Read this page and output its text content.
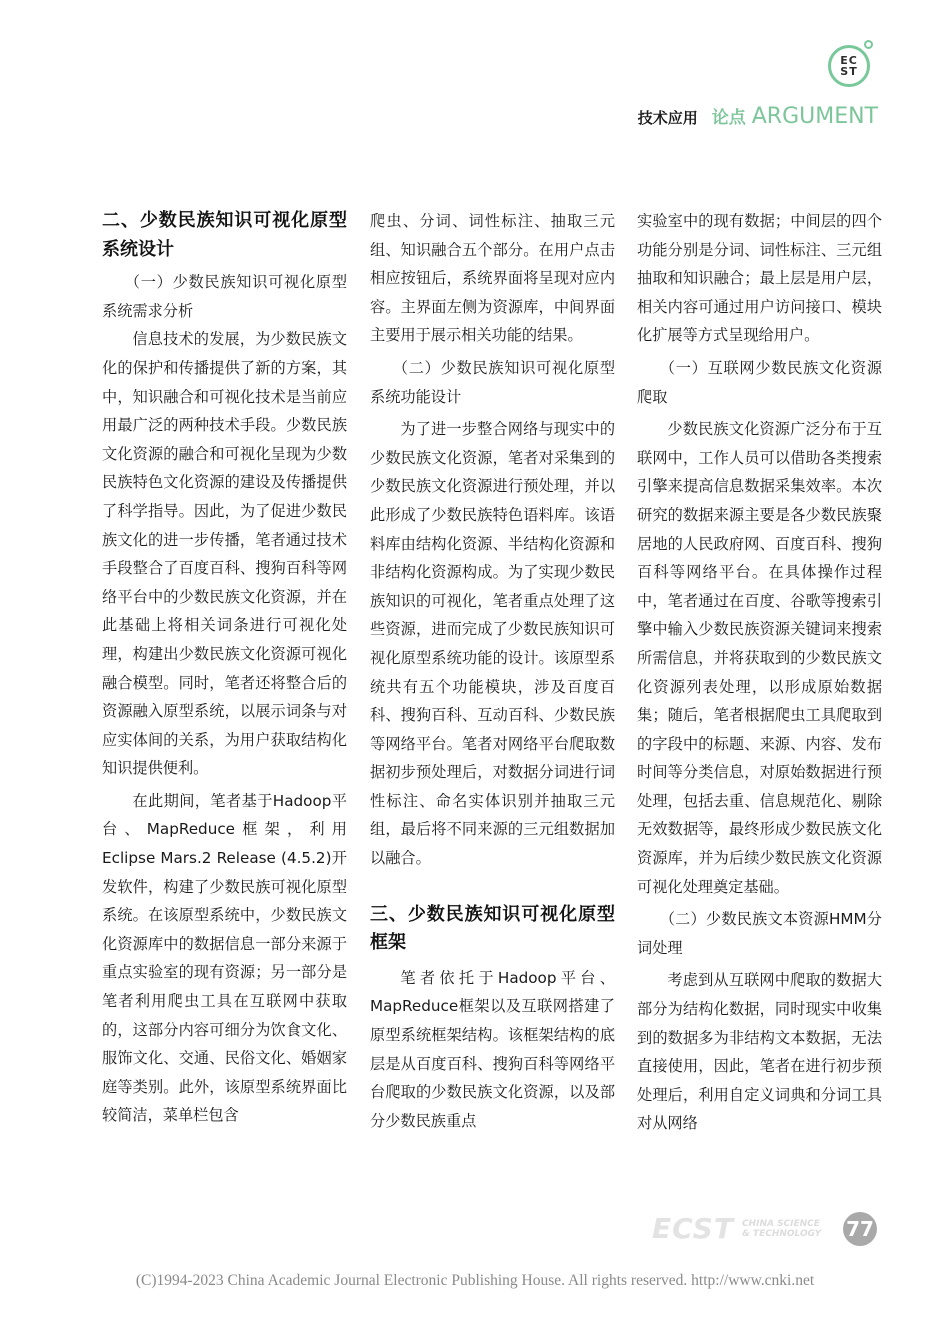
EC
ST
技术应用 论点 ARGUMENT
二、少数民族知识可视化原型系统设计

（一）少数民族知识可视化原型系统需求分析

信息技术的发展，为少数民族文化的保护和传播提供了新的方案，其中，知识融合和可视化技术是当前应用最广泛的两种技术手段。少数民族文化资源的融合和可视化呈现为少数民族特色文化资源的建设及传播提供了科学指导。因此，为了促进少数民族文化的进一步传播，笔者通过技术手段整合了百度百科、搜狗百科等网络平台中的少数民族文化资源，并在此基础上将相关词条进行可视化处理，构建出少数民族文化资源可视化融合模型。同时，笔者还将整合后的资源融入原型系统，以展示词条与对应实体间的关系，为用户获取结构化知识提供便利。

在此期间，笔者基于Hadoop平台、MapReduce框架，利用Eclipse Mars.2 Release (4.5.2)开发软件，构建了少数民族可视化原型系统。在该原型系统中，少数民族文化资源库中的数据信息一部分来源于重点实验室的现有资源；另一部分是笔者利用爬虫工具在互联网中获取的，这部分内容可细分为饮食文化、服饰文化、交通、民俗文化、婚姻家庭等类别。此外，该原型系统界面比较简洁，菜单栏包含

爬虫、分词、词性标注、抽取三元组、知识融合五个部分。在用户点击相应按钮后，系统界面将呈现对应内容。主界面左侧为资源库，中间界面主要用于展示相关功能的结果。

（二）少数民族知识可视化原型系统功能设计

为了进一步整合网络与现实中的少数民族文化资源，笔者对采集到的少数民族文化资源进行预处理，并以此形成了少数民族特色语料库。该语料库由结构化资源、半结构化资源和非结构化资源构成。为了实现少数民族知识的可视化，笔者重点处理了这些资源，进而完成了少数民族知识可视化原型系统功能的设计。该原型系统共有五个功能模块，涉及百度百科、搜狗百科、互动百科、少数民族等网络平台。笔者对网络平台爬取数据初步预处理后，对数据分词进行词性标注、命名实体识别并抽取三元组，最后将不同来源的三元组数据加以融合。

三、少数民族知识可视化原型框架

笔者依托于Hadoop平台、MapReduce框架以及互联网搭建了原型系统框架结构。该框架结构的底层是从百度百科、搜狗百科等网络平台爬取的少数民族文化资源，以及部分少数民族重点

实验室中的现有数据；中间层的四个功能分别是分词、词性标注、三元组抽取和知识融合；最上层是用户层，相关内容可通过用户访问接口、模块化扩展等方式呈现给用户。

（一）互联网少数民族文化资源爬取

少数民族文化资源广泛分布于互联网中，工作人员可以借助各类搜索引擎来提高信息数据采集效率。本次研究的数据来源主要是各少数民族聚居地的人民政府网、百度百科、搜狗百科等网络平台。在具体操作过程中，笔者通过在百度、谷歌等搜索引擎中输入少数民族资源关键词来搜索所需信息，并将获取到的少数民族文化资源列表处理，以形成原始数据集；随后，笔者根据爬虫工具爬取到的字段中的标题、来源、内容、发布时间等分类信息，对原始数据进行预处理，包括去重、信息规范化、剔除无效数据等，最终形成少数民族文化资源库，并为后续少数民族文化资源可视化处理奠定基础。

（二）少数民族文本资源HMM分词处理

考虑到从互联网中爬取的数据大部分为结构化数据，同时现实中收集到的数据多为非结构文本数据，无法直接使用，因此，笔者在进行初步预处理后，利用自定义词典和分词工具对从网络

ECST CHINA SCIENCE
& TECHNOLOGY 77
(C)1994-2023 China Academic Journal Electronic Publishing House. All rights reserved. http://www.cnki.net
